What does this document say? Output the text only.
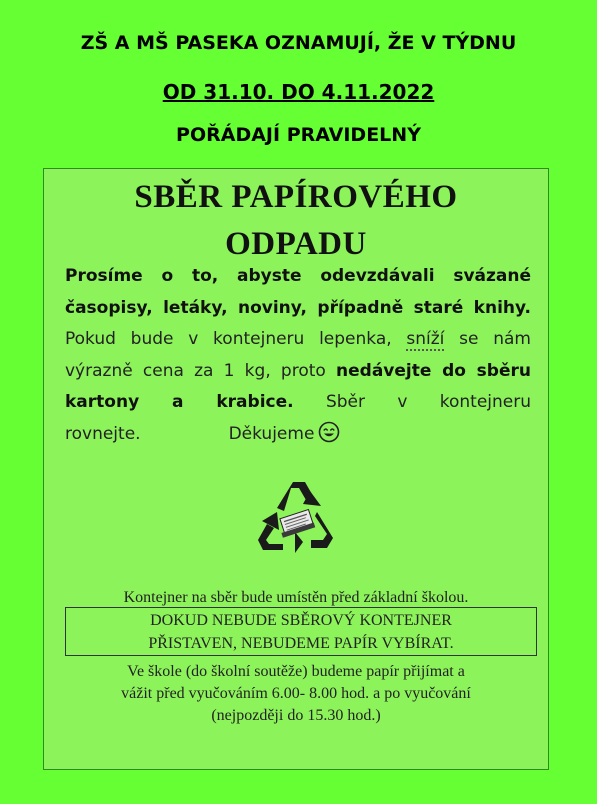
ZŠ A MŠ PASEKA OZNAMUJÍ, ŽE V TÝDNU
OD 31.10. DO 4.11.2022
POŘÁDAJÍ PRAVIDELNÝ
SBĚR PAPÍROVÉHO
ODPADU
Prosíme o to, abyste odevzdávali svázané časopisy, letáky, noviny, případně staré knihy. Pokud bude v kontejneru lepenka, sníží se nám výrazně cena za 1 kg, proto nedávejte do sběru kartony a krabice. Sběr v kontejneru rovnejte.	Děkujeme
Kontejner na sběr bude umístěn před základní školou.
DOKUD NEBUDE SBĚROVÝ KONTEJNER
PŘISTAVEN, NEBUDEME PAPÍR VYBÍRAT.
Ve škole (do školní soutěže) budeme papír přijímat a
vážit před vyučováním 6.00- 8.00 hod. a po vyučování
(nejpozději do 15.30 hod.)
